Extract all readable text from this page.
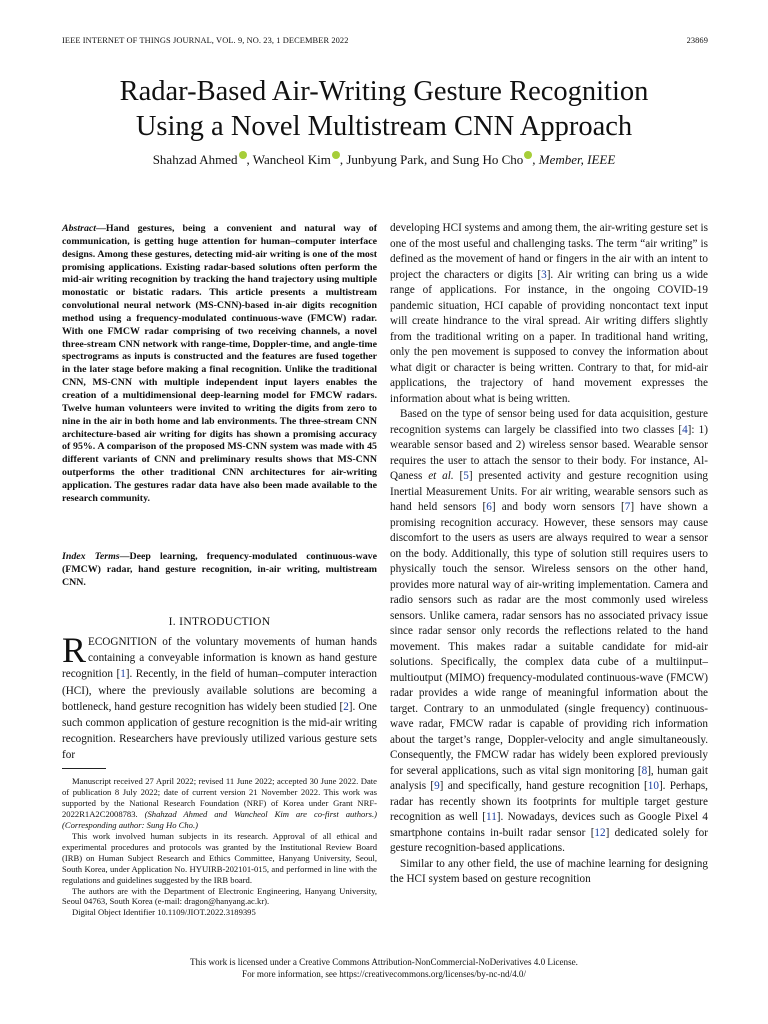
IEEE INTERNET OF THINGS JOURNAL, VOL. 9, NO. 23, 1 DECEMBER 2022	23869
Radar-Based Air-Writing Gesture Recognition
Using a Novel Multistream CNN Approach
Shahzad Ahmed , Wancheol Kim , Junbyung Park, and Sung Ho Cho , Member, IEEE

Abstract—Hand gestures, being a convenient and natural way of communication, is getting huge attention for human–computer interface designs. Among these gestures, detecting mid-air writing is one of the most promising applications. Existing radar-based solutions often perform the mid-air writing recognition by tracking the hand trajectory using multiple monostatic or bistatic radars. This article presents a multistream convolutional neural network (MS-CNN)-based in-air digits recognition method using a frequency-modulated continuous-wave (FMCW) radar. With one FMCW radar comprising of two receiving channels, a novel three-stream CNN network with range-time, Doppler-time, and angle-time spectrograms as inputs is constructed and the features are fused together in the later stage before making a final recognition. Unlike the traditional CNN, MS-CNN with multiple independent input layers enables the creation of a multidimensional deep-learning model for FMCW radars. Twelve human volunteers were invited to writing the digits from zero to nine in the air in both home and lab environments. The three-stream CNN architecture-based air writing for digits has shown a promising accuracy of 95%. A comparison of the proposed MS-CNN system was made with 45 different variants of CNN and preliminary results shows that MS-CNN outperforms the other traditional CNN architectures for air-writing application. The gestures radar data have also been made available to the research community.

Index Terms—Deep learning, frequency-modulated continuous-wave (FMCW) radar, hand gesture recognition, in-air writing, multistream CNN.

I. INTRODUCTION

RECOGNITION of the voluntary movements of human hands containing a conveyable information is known as hand gesture recognition [1]. Recently, in the field of human–computer interaction (HCI), where the previously available solutions are becoming a bottleneck, hand gesture recognition has widely been studied [2]. One such common application of gesture recognition is the mid-air writing recognition. Researchers have previously utilized various gesture sets for

Manuscript received 27 April 2022; revised 11 June 2022; accepted 30 June 2022. Date of publication 8 July 2022; date of current version 21 November 2022. This work was supported by the National Research Foundation (NRF) of Korea under Grant NRF-2022R1A2C2008783. (Shahzad Ahmed and Wancheol Kim are co-first authors.) (Corresponding author: Sung Ho Cho.)

This work involved human subjects in its research. Approval of all ethical and experimental procedures and protocols was granted by the Institutional Review Board (IRB) on Human Subject Research and Ethics Committee, Hanyang University, Seoul, South Korea, under Application No. HYUIRB-202101-015, and performed in line with the regulations and guidelines suggested by the IRB board.

The authors are with the Department of Electronic Engineering, Hanyang University, Seoul 04763, South Korea (e-mail: dragon@hanyang.ac.kr).

Digital Object Identifier 10.1109/JIOT.2022.3189395

developing HCI systems and among them, the air-writing gesture set is one of the most useful and challenging tasks. The term “air writing” is defined as the movement of hand or fingers in the air with an intent to project the characters or digits [3]. Air writing can bring us a wide range of applications. For instance, in the ongoing COVID-19 pandemic situation, HCI capable of providing noncontact text input will create hindrance to the viral spread. Air writing differs slightly from the traditional writing on a paper. In traditional hand writing, only the pen movement is supposed to convey the information about what digit or character is being written. Contrary to that, for mid-air applications, the trajectory of hand movement expresses the information about what is being written.

Based on the type of sensor being used for data acquisition, gesture recognition systems can largely be classified into two classes [4]: 1) wearable sensor based and 2) wireless sensor based. Wearable sensor requires the user to attach the sensor to their body. For instance, Al-Qaness et al. [5] presented activity and gesture recognition using Inertial Measurement Units. For air writing, wearable sensors such as hand held sensors [6] and body worn sensors [7] have shown a promising recognition accuracy. However, these sensors may cause discomfort to the users as users are always required to wear a sensor on the body. Additionally, this type of solution still requires users to physically touch the sensor. Wireless sensors on the other hand, provides more natural way of air-writing implementation. Camera and radio sensors such as radar are the most commonly used wireless sensors. Unlike camera, radar sensors has no associated privacy issue since radar sensor only records the reflections related to the hand movement. This makes radar a suitable candidate for mid-air solutions. Specifically, the complex data cube of a multiinput–multioutput (MIMO) frequency-modulated continuous-wave (FMCW) radar provides a wide range of meaningful information about the target. Contrary to an unmodulated (single frequency) continuous-wave radar, FMCW radar is capable of providing rich information about the target’s range, Doppler-velocity and angle simultaneously. Consequently, the FMCW radar has widely been explored previously for several applications, such as vital sign monitoring [8], human gait analysis [9] and specifically, hand gesture recognition [10]. Perhaps, radar has recently shown its footprints for multiple target gesture recognition as well [11]. Nowadays, devices such as Google Pixel 4 smartphone contains in-built radar sensor [12] dedicated solely for gesture recognition-based applications.

Similar to any other field, the use of machine learning for designing the HCI system based on gesture recognition

This work is licensed under a Creative Commons Attribution-NonCommercial-NoDerivatives 4.0 License.
For more information, see https://creativecommons.org/licenses/by-nc-nd/4.0/
